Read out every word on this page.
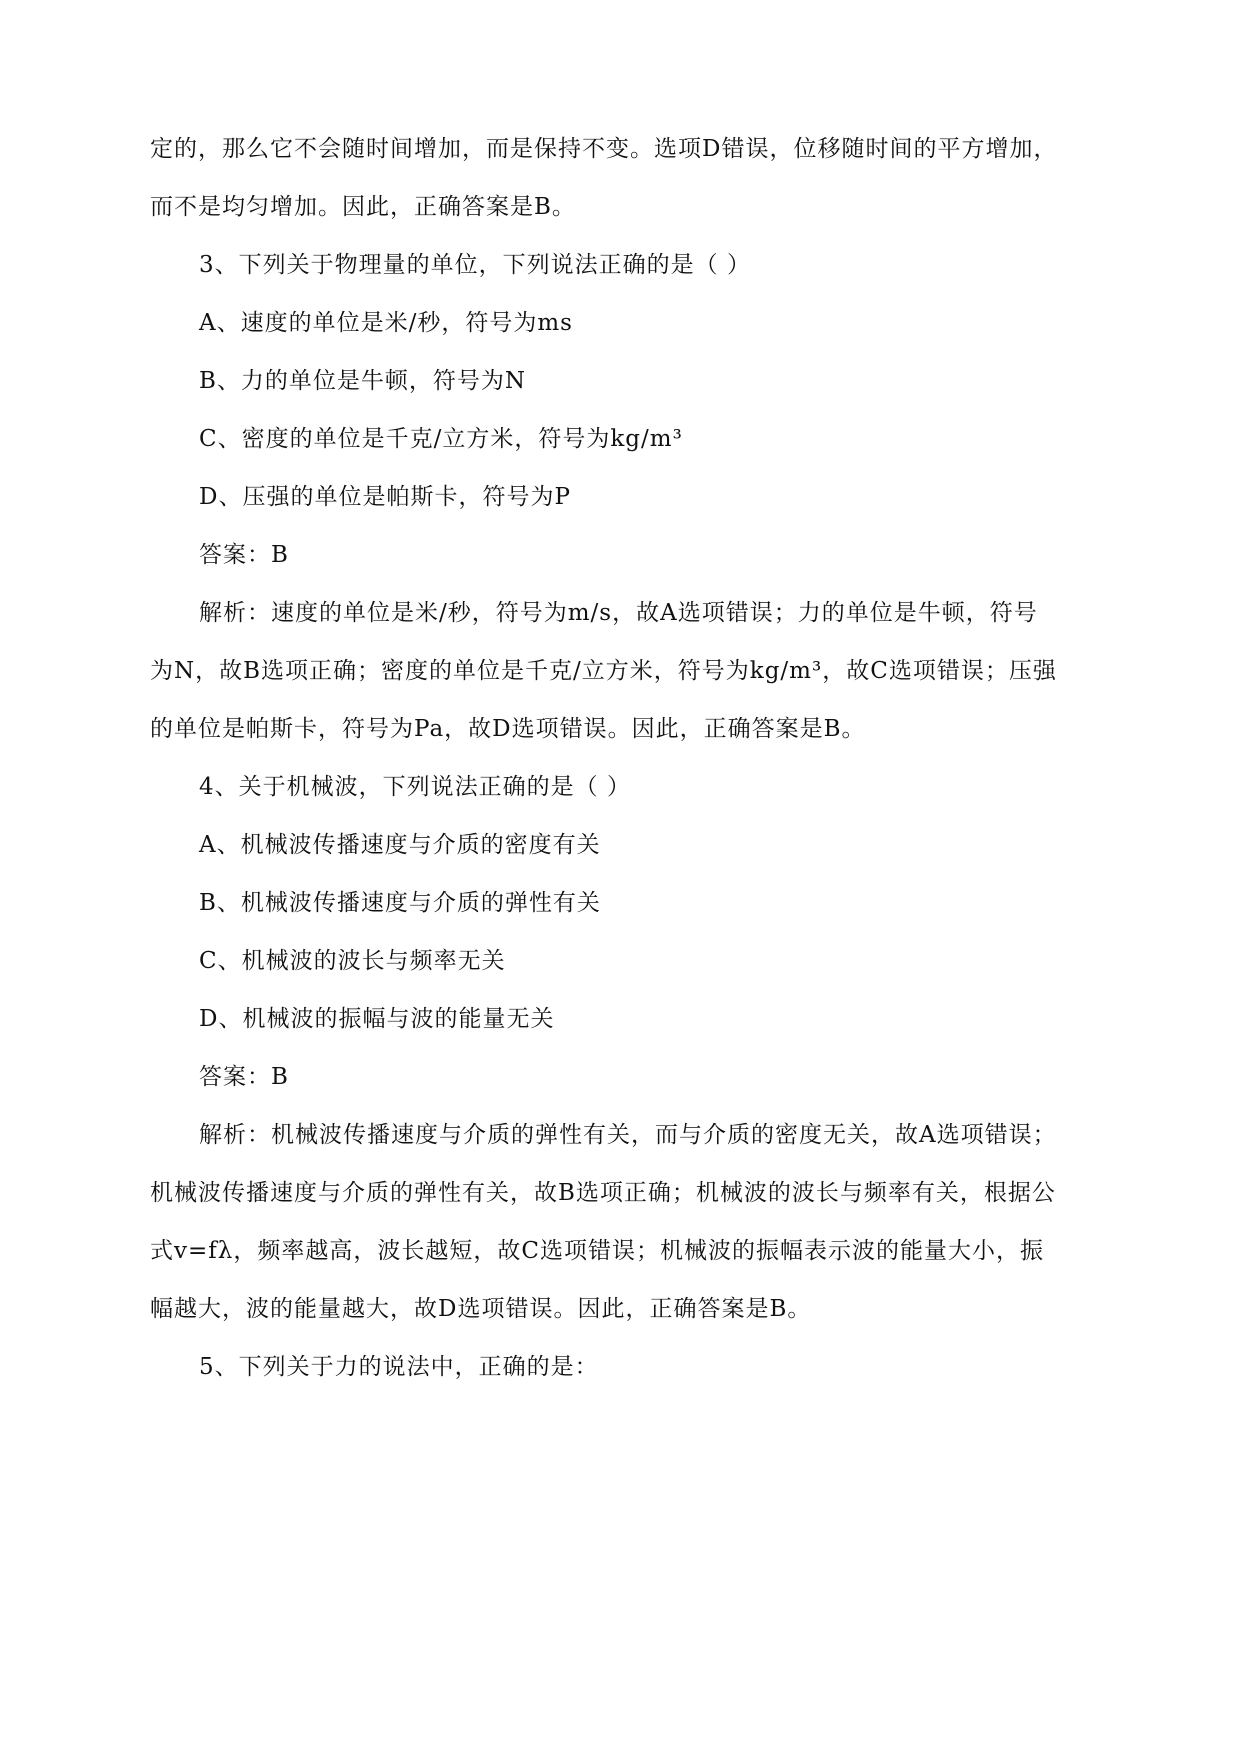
定的，那么它不会随时间增加，而是保持不变。选项D错误，位移随时间的平方增加，
而不是均匀增加。因此，正确答案是B。
3、下列关于物理量的单位，下列说法正确的是（ ）
A、速度的单位是米/秒，符号为ms
B、力的单位是牛顿，符号为N
C、密度的单位是千克/立方米，符号为kg/m³
D、压强的单位是帕斯卡，符号为P
答案：B
解析：速度的单位是米/秒，符号为m/s，故A选项错误；力的单位是牛顿，符号
为N，故B选项正确；密度的单位是千克/立方米，符号为kg/m³，故C选项错误；压强
的单位是帕斯卡，符号为Pa，故D选项错误。因此，正确答案是B。
4、关于机械波，下列说法正确的是（ ）
A、机械波传播速度与介质的密度有关
B、机械波传播速度与介质的弹性有关
C、机械波的波长与频率无关
D、机械波的振幅与波的能量无关
答案：B
解析：机械波传播速度与介质的弹性有关，而与介质的密度无关，故A选项错误；
机械波传播速度与介质的弹性有关，故B选项正确；机械波的波长与频率有关，根据公
式v=fλ，频率越高，波长越短，故C选项错误；机械波的振幅表示波的能量大小，振
幅越大，波的能量越大，故D选项错误。因此，正确答案是B。
5、下列关于力的说法中，正确的是：
